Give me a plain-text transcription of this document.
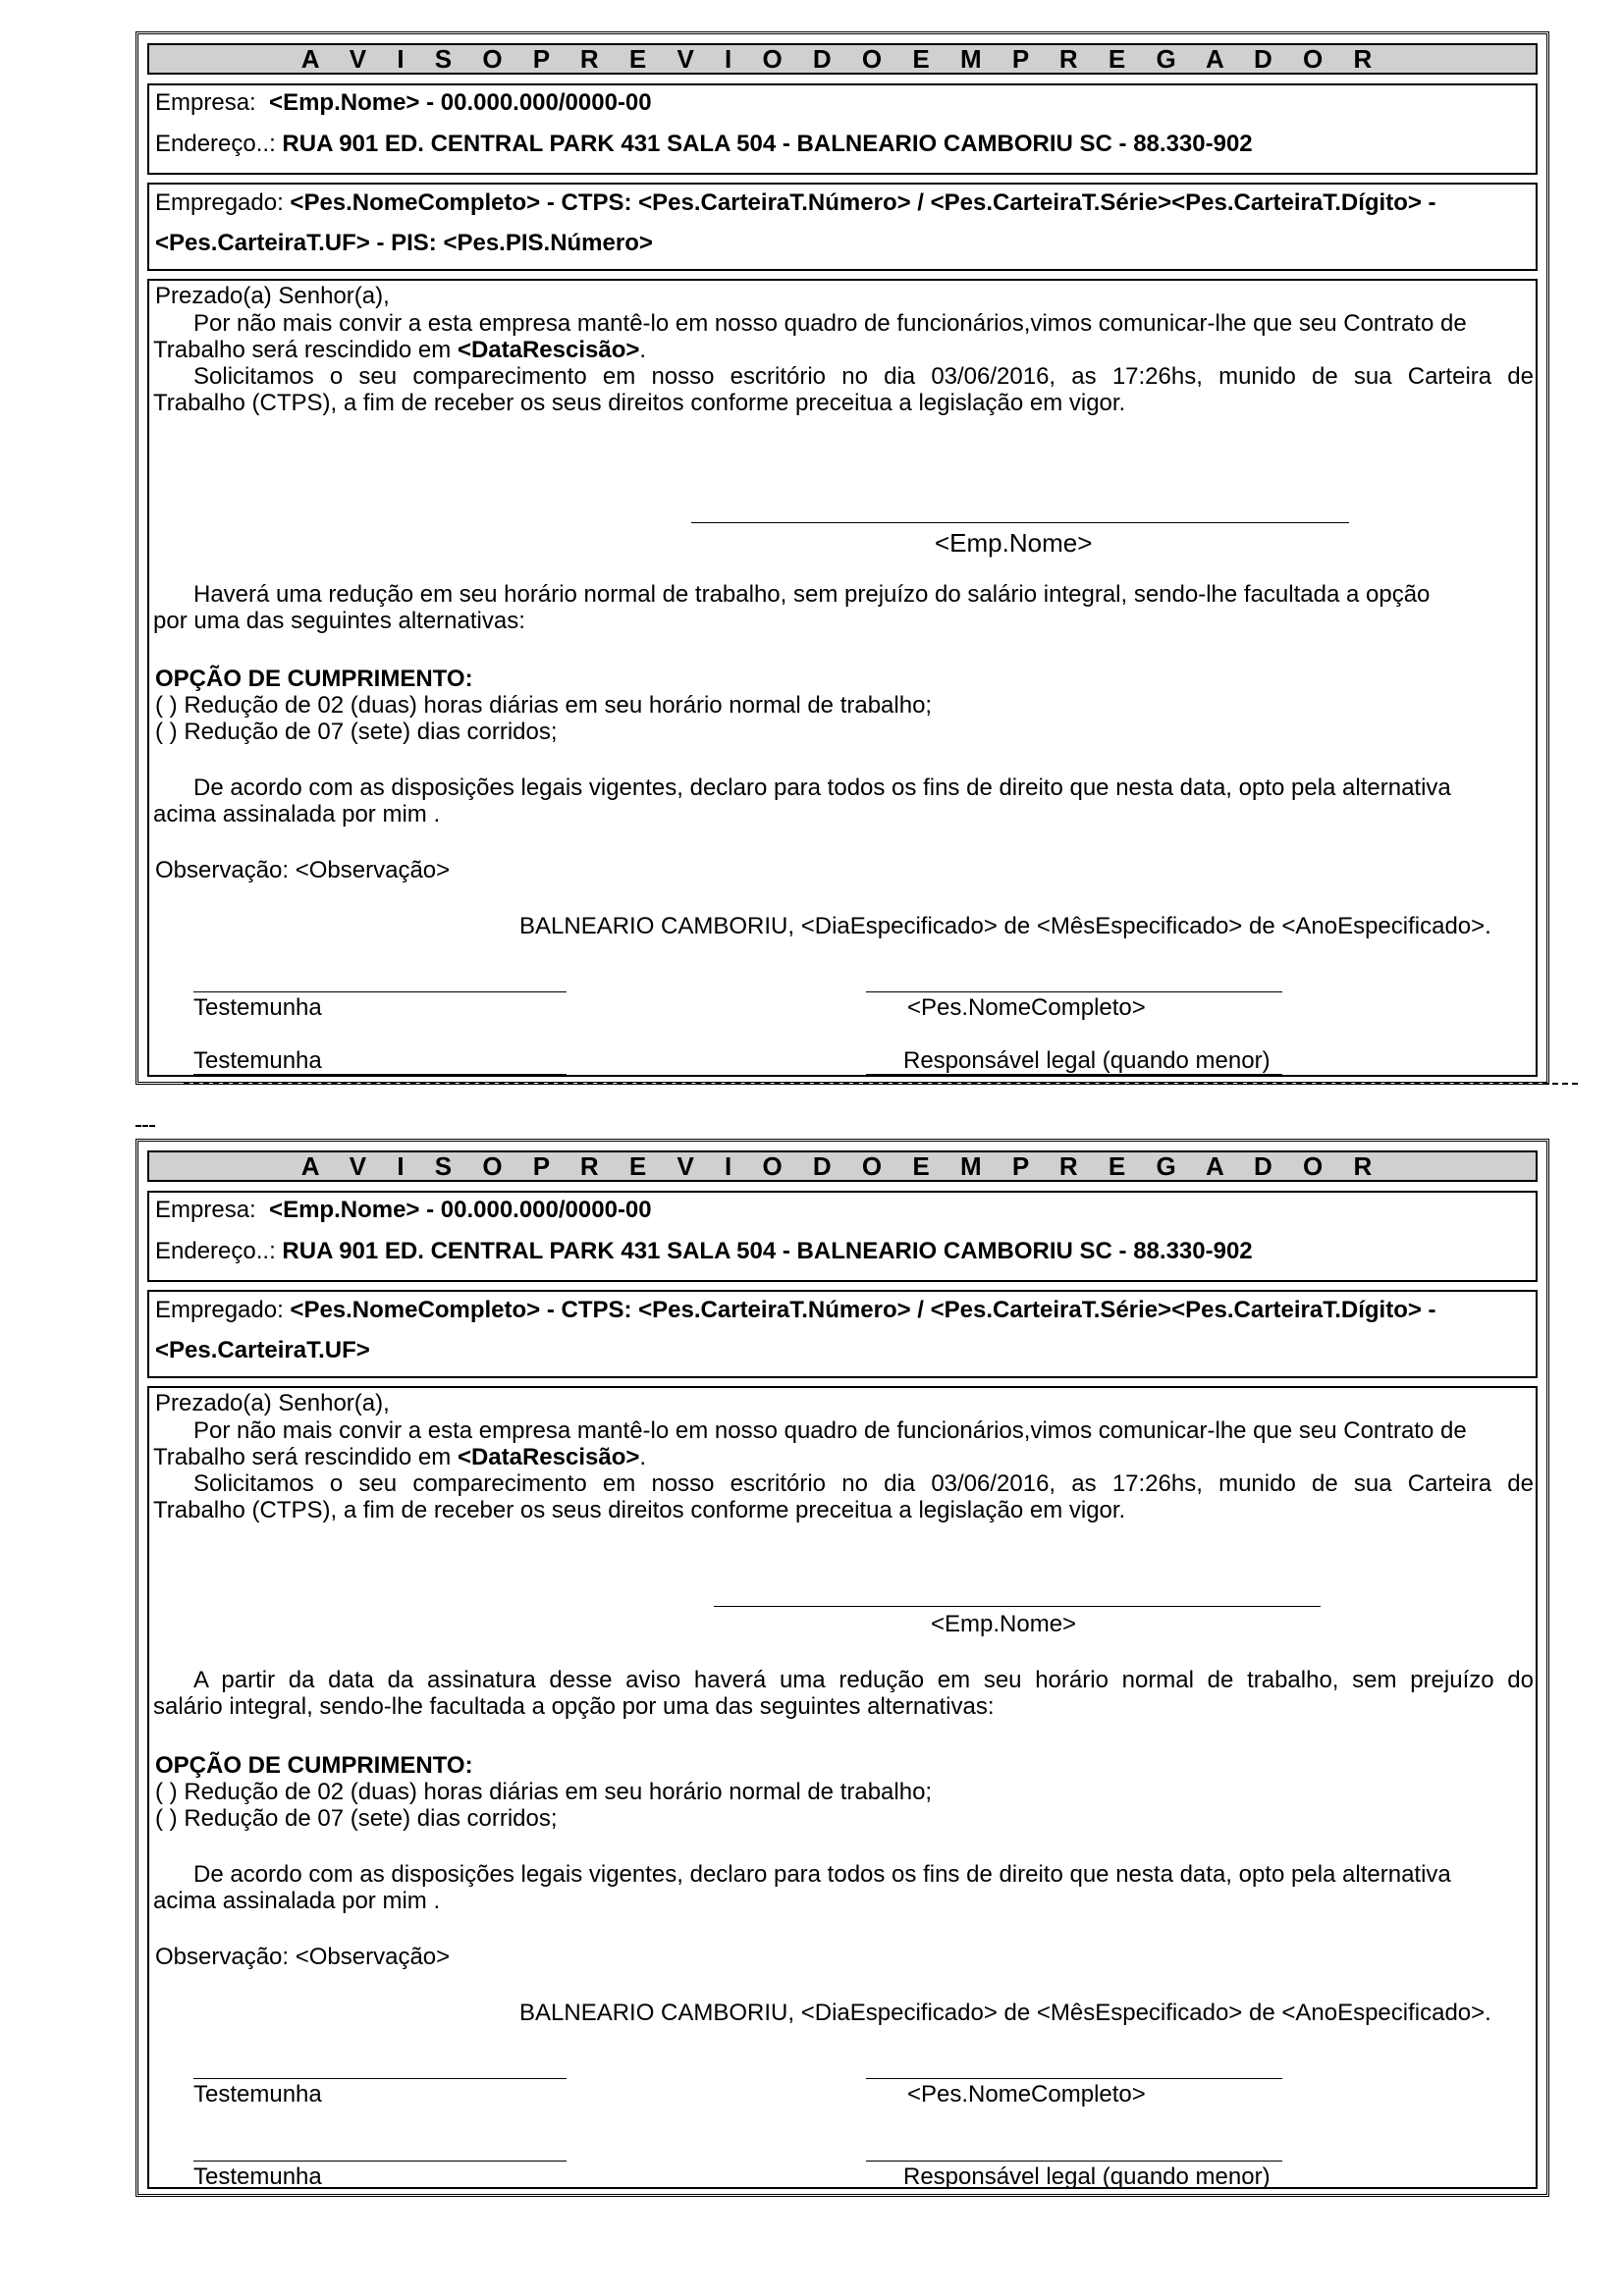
A V I S O P R E V I O D O E M P R E G A D O R
Empresa: <Emp.Nome> - 00.000.000/0000-00
Endereço..: RUA 901 ED. CENTRAL PARK 431 SALA 504 - BALNEARIO CAMBORIU SC - 88.330-902
Empregado: <Pes.NomeCompleto> - CTPS: <Pes.CarteiraT.Número> / <Pes.CarteiraT.Série><Pes.CarteiraT.Dígito> -
<Pes.CarteiraT.UF> - PIS: <Pes.PIS.Número>
Prezado(a) Senhor(a),
Por não mais convir a esta empresa mantê-lo em nosso quadro de funcionários,vimos comunicar-lhe que seu Contrato de
Trabalho será rescindido em <DataRescisão>.
Solicitamos o seu comparecimento em nosso escritório no dia 03/06/2016, as 17:26hs, munido de sua Carteira de
Trabalho (CTPS), a fim de receber os seus direitos conforme preceitua a legislação em vigor.
<Emp.Nome>
Haverá uma redução em seu horário normal de trabalho, sem prejuízo do salário integral, sendo-lhe facultada a opção
por uma das seguintes alternativas:
OPÇÃO DE CUMPRIMENTO:
( ) Redução de 02 (duas) horas diárias em seu horário normal de trabalho;
( ) Redução de 07 (sete) dias corridos;
De acordo com as disposições legais vigentes, declaro para todos os fins de direito que nesta data, opto pela alternativa
acima assinalada por mim .
Observação: <Observação>
BALNEARIO CAMBORIU, <DiaEspecificado> de <MêsEspecificado> de <AnoEspecificado>.
Testemunha	<Pes.NomeCompleto>
Testemunha	Responsável legal (quando menor)
A V I S O P R E V I O D O E M P R E G A D O R
Empresa: <Emp.Nome> - 00.000.000/0000-00
Endereço..: RUA 901 ED. CENTRAL PARK 431 SALA 504 - BALNEARIO CAMBORIU SC - 88.330-902
Empregado: <Pes.NomeCompleto> - CTPS: <Pes.CarteiraT.Número> / <Pes.CarteiraT.Série><Pes.CarteiraT.Dígito> -
<Pes.CarteiraT.UF>
Prezado(a) Senhor(a),
Por não mais convir a esta empresa mantê-lo em nosso quadro de funcionários,vimos comunicar-lhe que seu Contrato de
Trabalho será rescindido em <DataRescisão>.
Solicitamos o seu comparecimento em nosso escritório no dia 03/06/2016, as 17:26hs, munido de sua Carteira de
Trabalho (CTPS), a fim de receber os seus direitos conforme preceitua a legislação em vigor.
<Emp.Nome>
A partir da data da assinatura desse aviso haverá uma redução em seu horário normal de trabalho, sem prejuízo do
salário integral, sendo-lhe facultada a opção por uma das seguintes alternativas:
OPÇÃO DE CUMPRIMENTO:
( ) Redução de 02 (duas) horas diárias em seu horário normal de trabalho;
( ) Redução de 07 (sete) dias corridos;
De acordo com as disposições legais vigentes, declaro para todos os fins de direito que nesta data, opto pela alternativa
acima assinalada por mim .
Observação: <Observação>
BALNEARIO CAMBORIU, <DiaEspecificado> de <MêsEspecificado> de <AnoEspecificado>.
Testemunha	<Pes.NomeCompleto>
Testemunha	Responsável legal (quando menor)
